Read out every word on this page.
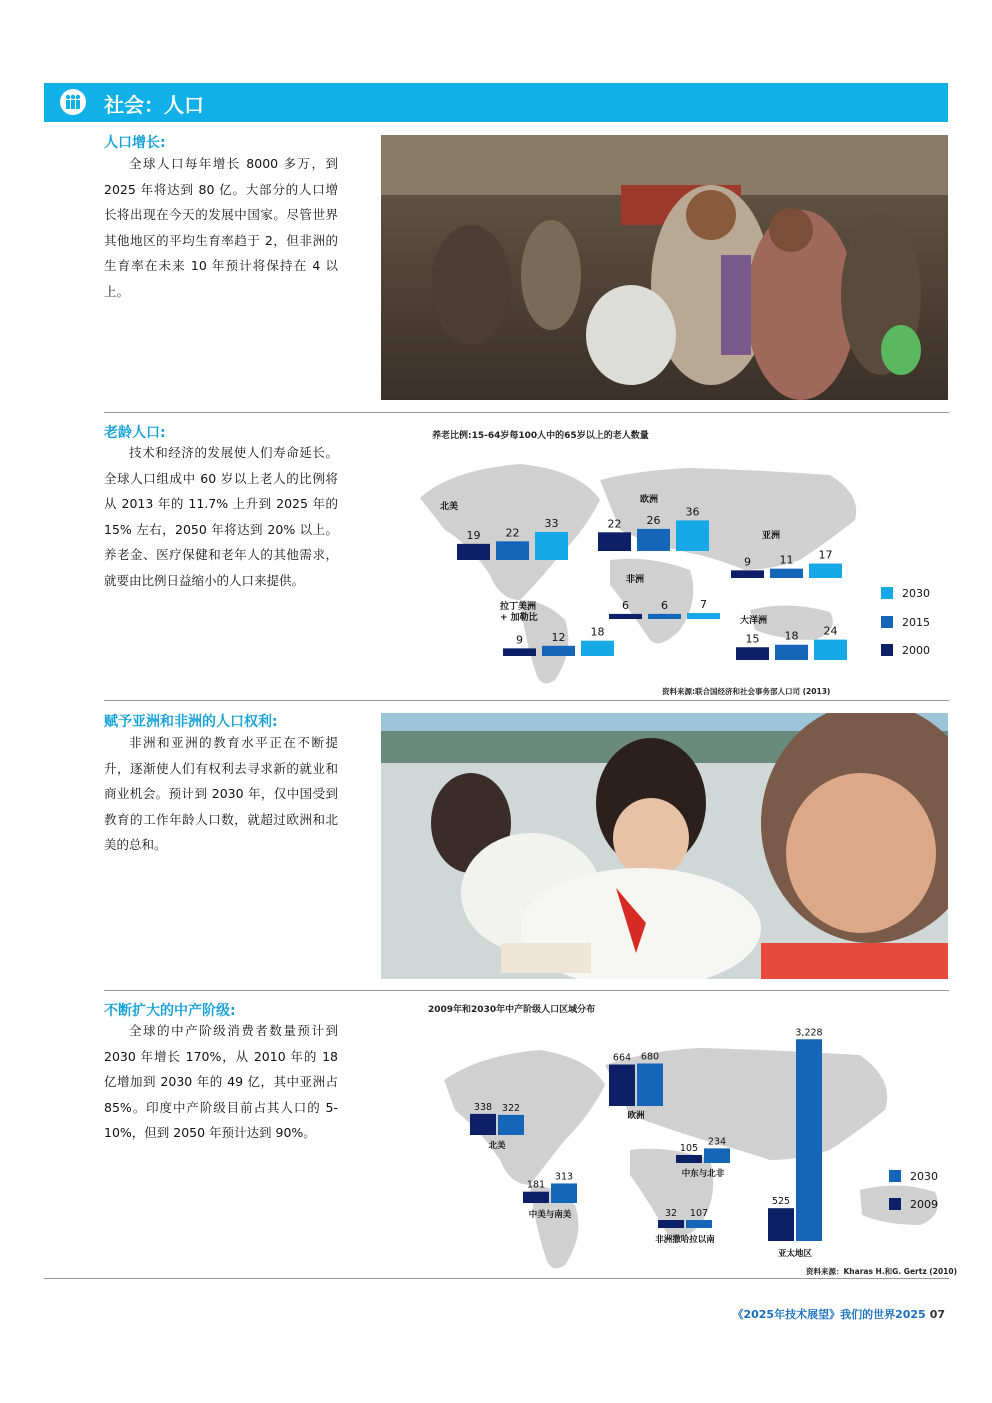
社会：人口
人口增长:
全球人口每年增长 8000 多万，到 2025 年将达到 80 亿。大部分的人口增长将出现在今天的发展中国家。尽管世界其他地区的平均生育率趋于 2，但非洲的生育率在未来 10 年预计将保持在 4 以上。
老龄人口:
技术和经济的发展使人们寿命延长。全球人口组成中 60 岁以上老人的比例将从 2013 年的 11.7% 上升到 2025 年的 15% 左右，2050 年将达到 20% 以上。养老金、医疗保健和老年人的其他需求，就要由比例日益缩小的人口来提供。
养老比例:15-64岁每100人中的65岁以上的老人数量
资料来源:联合国经济和社会事务部人口司 (2013)
赋予亚洲和非洲的人口权利:
非洲和亚洲的教育水平正在不断提升，逐渐使人们有权利去寻求新的就业和商业机会。预计到 2030 年，仅中国受到教育的工作年龄人口数，就超过欧洲和北美的总和。
不断扩大的中产阶级:
全球的中产阶级消费者数量预计到 2030 年增长 170%，从 2010 年的 18 亿增加到 2030 年的 49 亿，其中亚洲占 85%。印度中产阶级目前占其人口的 5-10%，但到 2050 年预计达到 90%。
2009年和2030年中产阶级人口区域分布
资料来源：Kharas H.和G. Gertz (2010)
《2025年技术展望》我们的世界2025 07
19 22
33
北美
22 26
36
欧洲
9	11 17
亚洲
6	6	7
非洲
9	12 18
拉丁美洲
+ 加勒比
15 18 24
大洋洲
2030
2015
2000
338 322
北美
664 680
欧洲
105
234
中东与北非
181
313
中美与南美	32 107
非洲撒哈拉以南
525
3,228
亚太地区
2030
2009
